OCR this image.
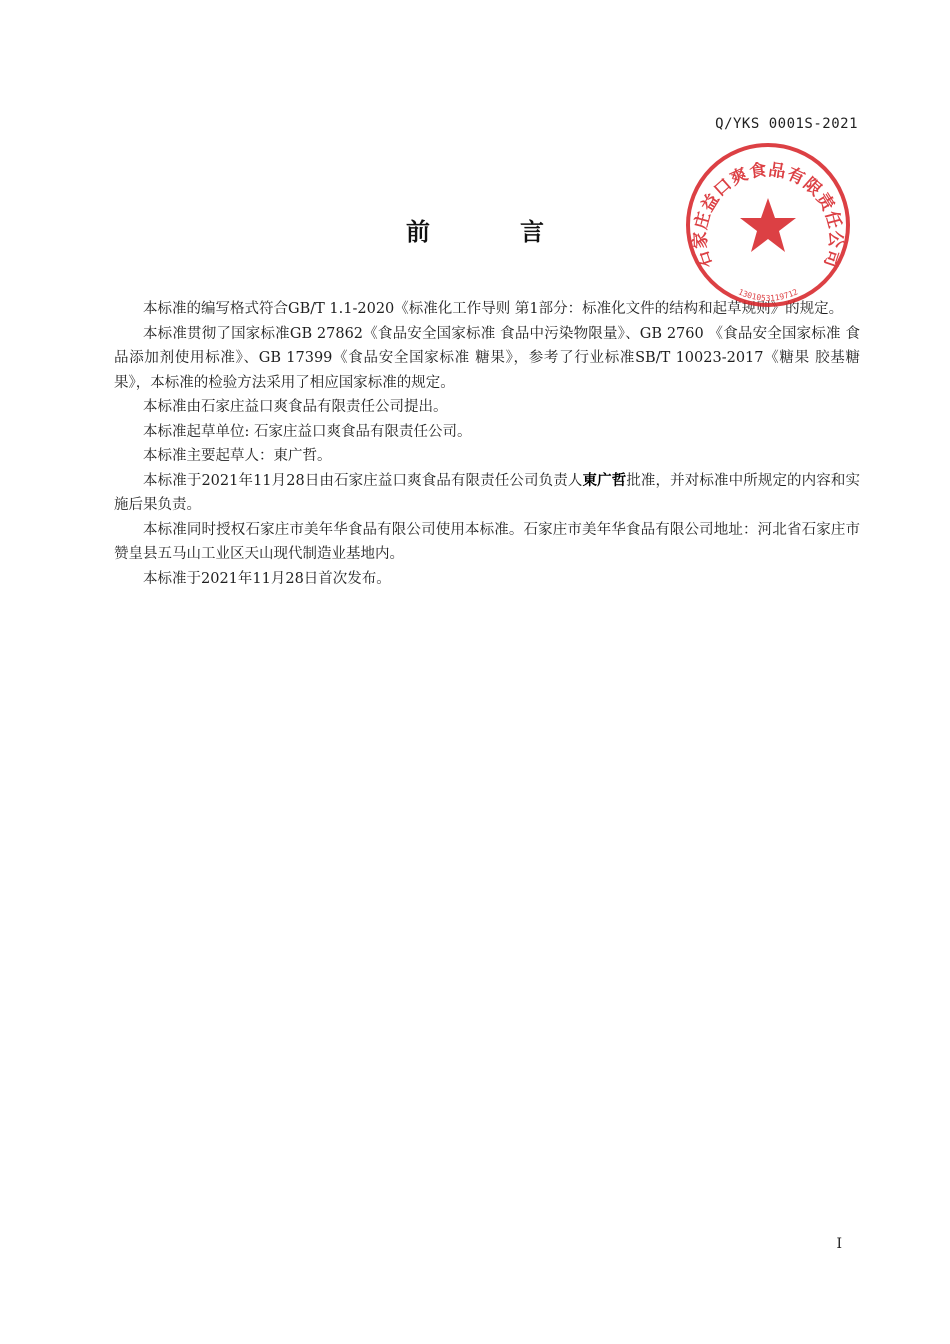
Q/YKS 0001S-2021
前	言

本标准的编写格式符合GB/T 1.1-2020《标准化工作导则 第1部分：标准化文件的结构和起草规则》的规定。

本标准贯彻了国家标准GB 27862《食品安全国家标准 食品中污染物限量》、GB 2760 《食品安全国家标准 食品添加剂使用标准》、GB 17399《食品安全国家标准 糖果》，参考了行业标准SB/T 10023-2017《糖果 胶基糖果》，本标准的检验方法采用了相应国家标准的规定。

本标准由石家庄益口爽食品有限责任公司提出。

本标准起草单位: 石家庄益口爽食品有限责任公司。

本标准主要起草人：東广哲。

本标准于2021年11月28日由石家庄益口爽食品有限责任公司负责人東广哲批准，并对标准中所规定的内容和实施后果负责。

本标准同时授权石家庄市美年华食品有限公司使用本标准。石家庄市美年华食品有限公司地址：河北省石家庄市赞皇县五马山工业区天山现代制造业基地内。

本标准于2021年11月28日首次发布。

石家庄益口爽食品有限责任公司
1301053119712
I
